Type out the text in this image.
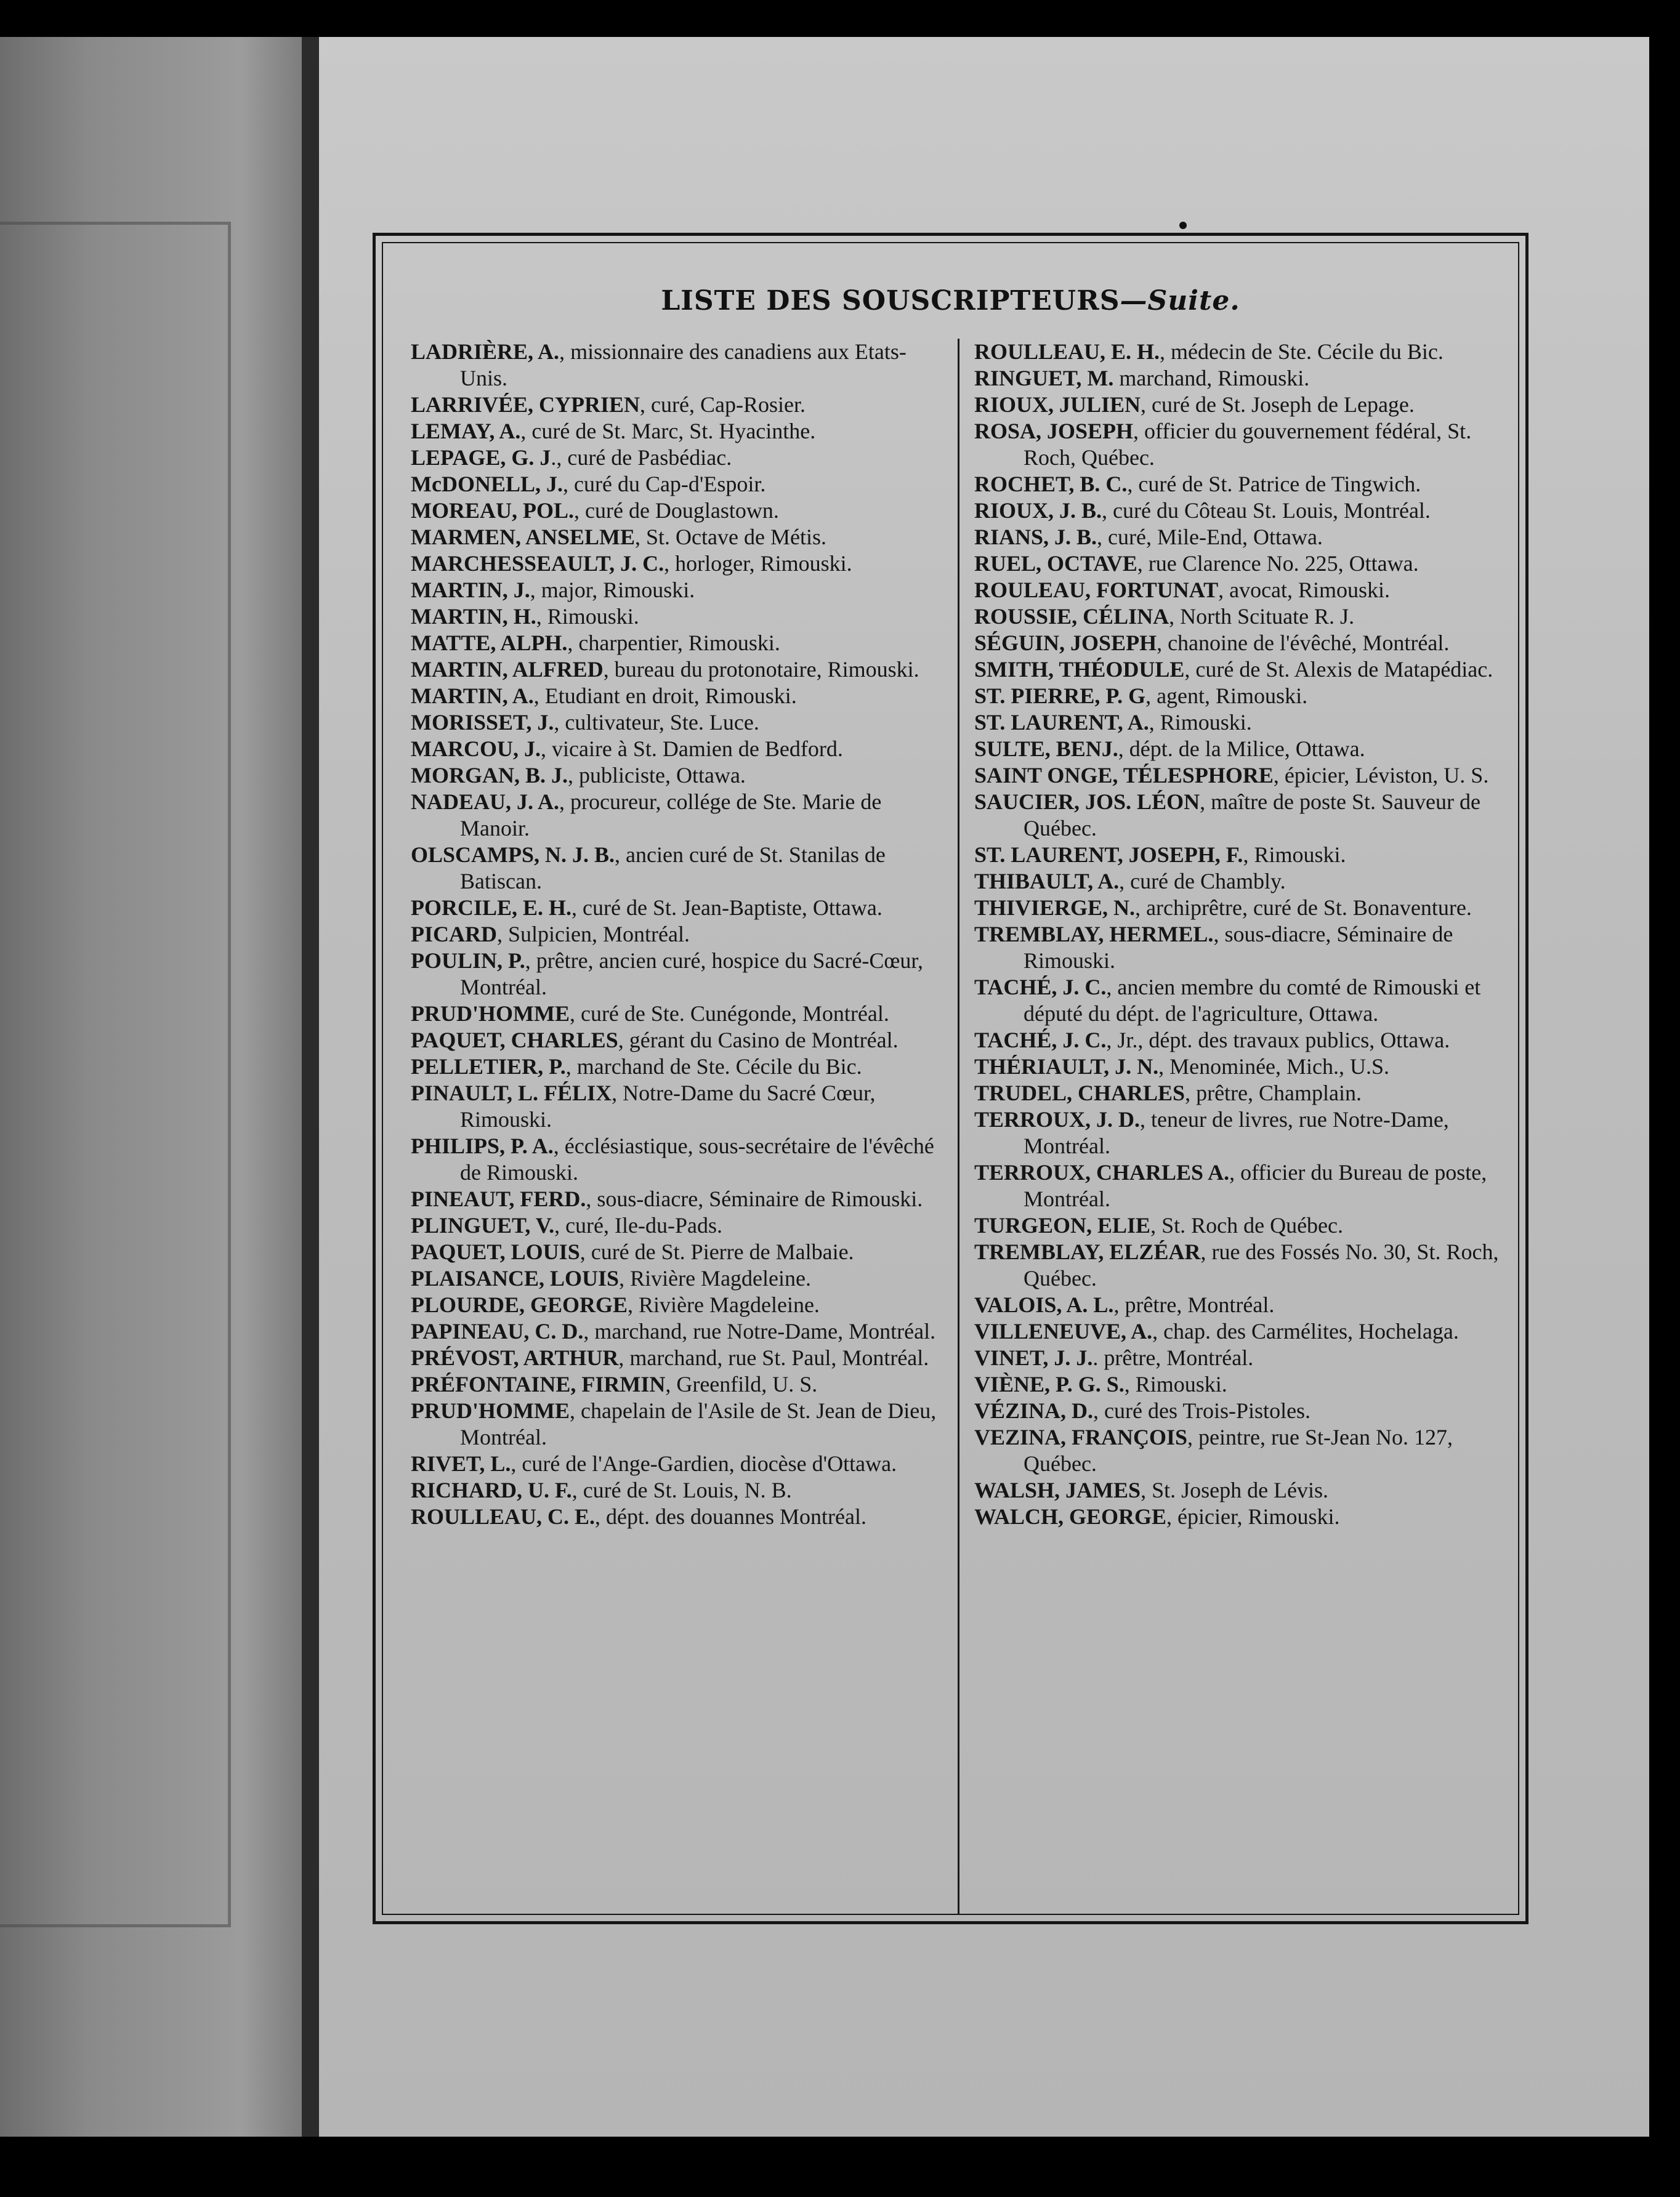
LISTE DES SOUSCRIPTEURS—Suite.

LADRIÈRE, A., missionnaire des canadiens aux Etats-Unis.

LARRIVÉE, CYPRIEN, curé, Cap-Rosier.

LEMAY, A., curé de St. Marc, St. Hyacinthe.

LEPAGE, G. J., curé de Pasbédiac.

McDONELL, J., curé du Cap-d'Espoir.

MOREAU, POL., curé de Douglastown.

MARMEN, ANSELME, St. Octave de Métis.

MARCHESSEAULT, J. C., horloger, Rimouski.

MARTIN, J., major, Rimouski.

MARTIN, H., Rimouski.

MATTE, ALPH., charpentier, Rimouski.

MARTIN, ALFRED, bureau du protonotaire, Rimouski.

MARTIN, A., Etudiant en droit, Rimouski.

MORISSET, J., cultivateur, Ste. Luce.

MARCOU, J., vicaire à St. Damien de Bedford.

MORGAN, B. J., publiciste, Ottawa.

NADEAU, J. A., procureur, collége de Ste. Marie de Manoir.

OLSCAMPS, N. J. B., ancien curé de St. Stanilas de Batiscan.

PORCILE, E. H., curé de St. Jean-Baptiste, Ottawa.

PICARD, Sulpicien, Montréal.

POULIN, P., prêtre, ancien curé, hospice du Sacré-Cœur, Montréal.

PRUD'HOMME, curé de Ste. Cunégonde, Montréal.

PAQUET, CHARLES, gérant du Casino de Montréal.

PELLETIER, P., marchand de Ste. Cécile du Bic.

PINAULT, L. FÉLIX, Notre-Dame du Sacré Cœur, Rimouski.

PHILIPS, P. A., écclésiastique, sous-secrétaire de l'évêché de Rimouski.

PINEAUT, FERD., sous-diacre, Séminaire de Rimouski.

PLINGUET, V., curé, Ile-du-Pads.

PAQUET, LOUIS, curé de St. Pierre de Malbaie.

PLAISANCE, LOUIS, Rivière Magdeleine.

PLOURDE, GEORGE, Rivière Magdeleine.

PAPINEAU, C. D., marchand, rue Notre-Dame, Montréal.

PRÉVOST, ARTHUR, marchand, rue St. Paul, Montréal.

PRÉFONTAINE, FIRMIN, Greenfild, U. S.

PRUD'HOMME, chapelain de l'Asile de St. Jean de Dieu, Montréal.

RIVET, L., curé de l'Ange-Gardien, diocèse d'Ottawa.

RICHARD, U. F., curé de St. Louis, N. B.

ROULLEAU, C. E., dépt. des douannes Montréal.

ROULLEAU, E. H., médecin de Ste. Cécile du Bic.

RINGUET, M. marchand, Rimouski.

RIOUX, JULIEN, curé de St. Joseph de Lepage.

ROSA, JOSEPH, officier du gouvernement fédéral, St. Roch, Québec.

ROCHET, B. C., curé de St. Patrice de Tingwich.

RIOUX, J. B., curé du Côteau St. Louis, Montréal.

RIANS, J. B., curé, Mile-End, Ottawa.

RUEL, OCTAVE, rue Clarence No. 225, Ottawa.

ROULEAU, FORTUNAT, avocat, Rimouski.

ROUSSIE, CÉLINA, North Scituate R. J.

SÉGUIN, JOSEPH, chanoine de l'évêché, Montréal.

SMITH, THÉODULE, curé de St. Alexis de Matapédiac.

ST. PIERRE, P. G, agent, Rimouski.

ST. LAURENT, A., Rimouski.

SULTE, BENJ., dépt. de la Milice, Ottawa.

SAINT ONGE, TÉLESPHORE, épicier, Léviston, U. S.

SAUCIER, JOS. LÉON, maître de poste St. Sauveur de Québec.

ST. LAURENT, JOSEPH, F., Rimouski.

THIBAULT, A., curé de Chambly.

THIVIERGE, N., archiprêtre, curé de St. Bonaventure.

TREMBLAY, HERMEL., sous-diacre, Séminaire de Rimouski.

TACHÉ, J. C., ancien membre du comté de Rimouski et député du dépt. de l'agriculture, Ottawa.

TACHÉ, J. C., Jr., dépt. des travaux publics, Ottawa.

THÉRIAULT, J. N., Menominée, Mich., U.S.

TRUDEL, CHARLES, prêtre, Champlain.

TERROUX, J. D., teneur de livres, rue Notre-Dame, Montréal.

TERROUX, CHARLES A., officier du Bureau de poste, Montréal.

TURGEON, ELIE, St. Roch de Québec.

TREMBLAY, ELZÉAR, rue des Fossés No. 30, St. Roch, Québec.

VALOIS, A. L., prêtre, Montréal.

VILLENEUVE, A., chap. des Carmélites, Hochelaga.

VINET, J. J.. prêtre, Montréal.

VIÈNE, P. G. S., Rimouski.

VÉZINA, D., curé des Trois-Pistoles.

VEZINA, FRANÇOIS, peintre, rue St-Jean No. 127, Québec.

WALSH, JAMES, St. Joseph de Lévis.

WALCH, GEORGE, épicier, Rimouski.
